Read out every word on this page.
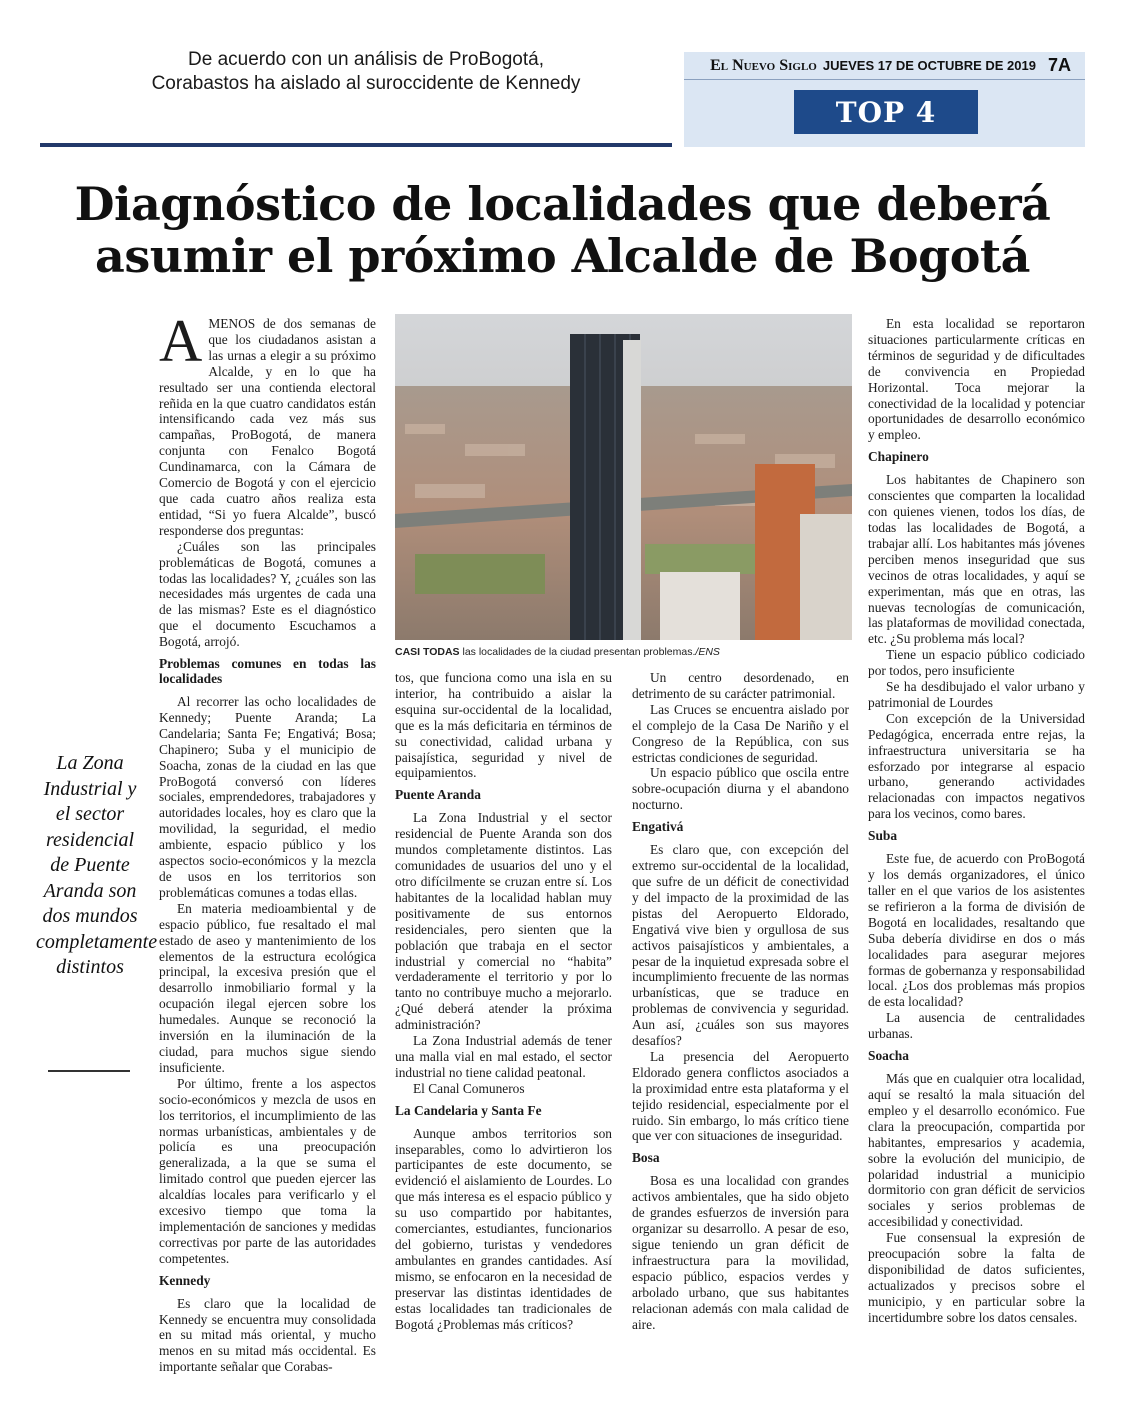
De acuerdo con un análisis de ProBogotá, Corabastos ha aislado al suroccidente de Kennedy
El Nuevo Siglo JUEVES 17 DE OCTUBRE DE 2019 7A
TOP 4
Diagnóstico de localidades que deberá asumir el próximo Alcalde de Bogotá

AMENOS de dos semanas de que los ciudadanos asistan a las urnas a elegir a su próximo Alcalde, y en lo que ha resultado ser una contienda electoral reñida en la que cuatro candidatos están intensificando cada vez más sus campañas, ProBogotá, de manera conjunta con Fenalco Bogotá Cundinamarca, con la Cámara de Comercio de Bogotá y con el ejercicio que cada cuatro años realiza esta entidad, “Si yo fuera Alcalde”, buscó responderse dos preguntas:

¿Cuáles son las principales problemáticas de Bogotá, comunes a todas las localidades? Y, ¿cuáles son las necesidades más urgentes de cada una de las mismas? Este es el diagnóstico que el documento Escuchamos a Bogotá, arrojó.

Problemas comunes en todas las localidades

Al recorrer las ocho localidades de Kennedy; Puente Aranda; La Candelaria; Santa Fe; Engativá; Bosa; Chapinero; Suba y el municipio de Soacha, zonas de la ciudad en las que ProBogotá conversó con líderes sociales, emprendedores, trabajadores y autoridades locales, hoy es claro que la movilidad, la seguridad, el medio ambiente, espacio público y los aspectos socio-económicos y la mezcla de usos en los territorios son problemáticas comunes a todas ellas.

En materia medioambiental y de espacio público, fue resaltado el mal estado de aseo y mantenimiento de los elementos de la estructura ecológica principal, la excesiva presión que el desarrollo inmobiliario formal y la ocupación ilegal ejercen sobre los humedales. Aunque se reconoció la inversión en la iluminación de la ciudad, para muchos sigue siendo insuficiente.

Por último, frente a los aspectos socio-económicos y mezcla de usos en los territorios, el incumplimiento de las normas urbanísticas, ambientales y de policía es una preocupación generalizada, a la que se suma el limitado control que pueden ejercer las alcaldías locales para verificarlo y el excesivo tiempo que toma la implementación de sanciones y medidas correctivas por parte de las autoridades competentes.

Kennedy

Es claro que la localidad de Kennedy se encuentra muy consolidada en su mitad más oriental, y mucho menos en su mitad más occidental. Es importante señalar que Corabas-

CASI TODAS las localidades de la ciudad presentan problemas./ENS

tos, que funciona como una isla en su interior, ha contribuido a aislar la esquina sur-occidental de la localidad, que es la más deficitaria en términos de su conectividad, calidad urbana y paisajística, seguridad y nivel de equipamientos.

Puente Aranda

La Zona Industrial y el sector residencial de Puente Aranda son dos mundos completamente distintos. Las comunidades de usuarios del uno y el otro difícilmente se cruzan entre sí. Los habitantes de la localidad hablan muy positivamente de sus entornos residenciales, pero sienten que la población que trabaja en el sector industrial y comercial no “habita” verdaderamente el territorio y por lo tanto no contribuye mucho a mejorarlo. ¿Qué deberá atender la próxima administración?

La Zona Industrial además de tener una malla vial en mal estado, el sector industrial no tiene calidad peatonal.

El Canal Comuneros

La Candelaria y Santa Fe

Aunque ambos territorios son inseparables, como lo advirtieron los participantes de este documento, se evidenció el aislamiento de Lourdes. Lo que más interesa es el espacio público y su uso compartido por habitantes, comerciantes, estudiantes, funcionarios del gobierno, turistas y vendedores ambulantes en grandes cantidades. Así mismo, se enfocaron en la necesidad de preservar las distintas identidades de estas localidades tan tradicionales de Bogotá ¿Problemas más críticos?

Un centro desordenado, en detrimento de su carácter patrimonial.

Las Cruces se encuentra aislado por el complejo de la Casa De Nariño y el Congreso de la República, con sus estrictas condiciones de seguridad.

Un espacio público que oscila entre sobre-ocupación diurna y el abandono nocturno.

Engativá

Es claro que, con excepción del extremo sur-occidental de la localidad, que sufre de un déficit de conectividad y del impacto de la proximidad de las pistas del Aeropuerto Eldorado, Engativá vive bien y orgullosa de sus activos paisajísticos y ambientales, a pesar de la inquietud expresada sobre el incumplimiento frecuente de las normas urbanísticas, que se traduce en problemas de convivencia y seguridad. Aun así, ¿cuáles son sus mayores desafíos?

La presencia del Aeropuerto Eldorado genera conflictos asociados a la proximidad entre esta plataforma y el tejido residencial, especialmente por el ruido. Sin embargo, lo más crítico tiene que ver con situaciones de inseguridad.

Bosa

Bosa es una localidad con grandes activos ambientales, que ha sido objeto de grandes esfuerzos de inversión para organizar su desarrollo. A pesar de eso, sigue teniendo un gran déficit de infraestructura para la movilidad, espacio público, espacios verdes y arbolado urbano, que sus habitantes relacionan además con mala calidad de aire.

En esta localidad se reportaron situaciones particularmente críticas en términos de seguridad y de dificultades de convivencia en Propiedad Horizontal. Toca mejorar la conectividad de la localidad y potenciar oportunidades de desarrollo económico y empleo.

Chapinero

Los habitantes de Chapinero son conscientes que comparten la localidad con quienes vienen, todos los días, de todas las localidades de Bogotá, a trabajar allí. Los habitantes más jóvenes perciben menos inseguridad que sus vecinos de otras localidades, y aquí se experimentan, más que en otras, las nuevas tecnologías de comunicación, las plataformas de movilidad conectada, etc. ¿Su problema más local?

Tiene un espacio público codiciado por todos, pero insuficiente

Se ha desdibujado el valor urbano y patrimonial de Lourdes

Con excepción de la Universidad Pedagógica, encerrada entre rejas, la infraestructura universitaria se ha esforzado por integrarse al espacio urbano, generando actividades relacionadas con impactos negativos para los vecinos, como bares.

Suba

Este fue, de acuerdo con ProBogotá y los demás organizadores, el único taller en el que varios de los asistentes se refirieron a la forma de división de Bogotá en localidades, resaltando que Suba debería dividirse en dos o más localidades para asegurar mejores formas de gobernanza y responsabilidad local. ¿Los dos problemas más propios de esta localidad?

La ausencia de centralidades urbanas.

Soacha

Más que en cualquier otra localidad, aquí se resaltó la mala situación del empleo y el desarrollo económico. Fue clara la preocupación, compartida por habitantes, empresarios y academia, sobre la evolución del municipio, de polaridad industrial a municipio dormitorio con gran déficit de servicios sociales y serios problemas de accesibilidad y conectividad.

Fue consensual la expresión de preocupación sobre la falta de disponibilidad de datos suficientes, actualizados y precisos sobre el municipio, y en particular sobre la incertidumbre sobre los datos censales.

La Zona Industrial y el sector residencial de Puente Aranda son dos mundos completamente distintos
